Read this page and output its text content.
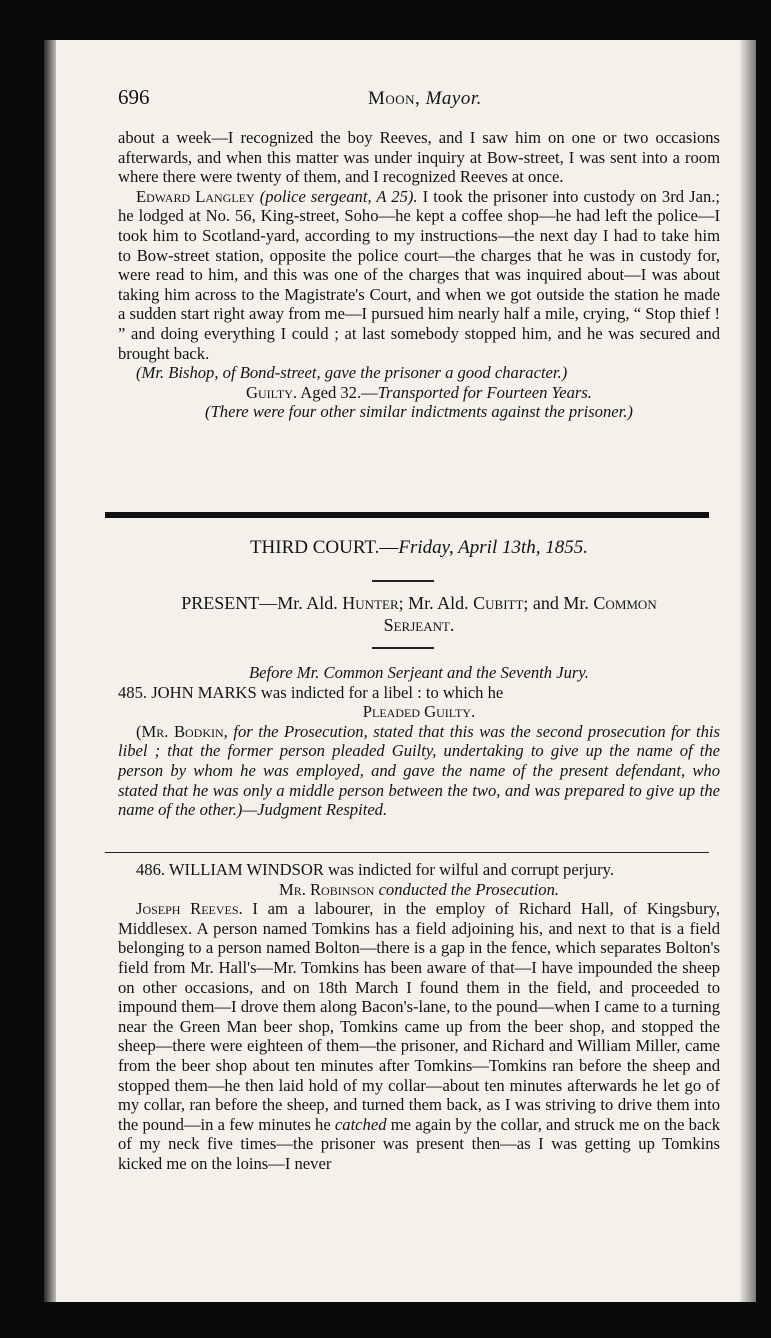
696	Moon, Mayor.

about a week—I recognized the boy Reeves, and I saw him on one or two occasions afterwards, and when this matter was under inquiry at Bow-street, I was sent into a room where there were twenty of them, and I recognized Reeves at once.

Edward Langley (police sergeant, A 25). I took the prisoner into custody on 3rd Jan.; he lodged at No. 56, King-street, Soho—he kept a coffee shop—he had left the police—I took him to Scotland-yard, according to my instructions—the next day I had to take him to Bow-street station, opposite the police court—the charges that he was in custody for, were read to him, and this was one of the charges that was inquired about—I was about taking him across to the Magistrate's Court, and when we got outside the station he made a sudden start right away from me—I pursued him nearly half a mile, crying, “ Stop thief ! ” and doing everything I could ; at last somebody stopped him, and he was secured and brought back.

(Mr. Bishop, of Bond-street, gave the prisoner a good character.)

Guilty. Aged 32.—Transported for Fourteen Years.

(There were four other similar indictments against the prisoner.)

THIRD COURT.—Friday, April 13th, 1855.

PRESENT—Mr. Ald. Hunter; Mr. Ald. Cubitt; and Mr. Common
Serjeant.

Before Mr. Common Serjeant and the Seventh Jury.

485. JOHN MARKS was indicted for a libel : to which he

Pleaded Guilty.

(Mr. Bodkin, for the Prosecution, stated that this was the second prosecution for this libel ; that the former person pleaded Guilty, undertaking to give up the name of the person by whom he was employed, and gave the name of the present defendant, who stated that he was only a middle person between the two, and was prepared to give up the name of the other.)—Judgment Respited.

486. WILLIAM WINDSOR was indicted for wilful and corrupt perjury.

Mr. Robinson conducted the Prosecution.

Joseph Reeves. I am a labourer, in the employ of Richard Hall, of Kingsbury, Middlesex. A person named Tomkins has a field adjoining his, and next to that is a field belonging to a person named Bolton—there is a gap in the fence, which separates Bolton's field from Mr. Hall's—Mr. Tomkins has been aware of that—I have impounded the sheep on other occasions, and on 18th March I found them in the field, and proceeded to impound them—I drove them along Bacon's-lane, to the pound—when I came to a turning near the Green Man beer shop, Tomkins came up from the beer shop, and stopped the sheep—there were eighteen of them—the prisoner, and Richard and William Miller, came from the beer shop about ten minutes after Tomkins—Tomkins ran before the sheep and stopped them—he then laid hold of my collar—about ten minutes afterwards he let go of my collar, ran before the sheep, and turned them back, as I was striving to drive them into the pound—in a few minutes he catched me again by the collar, and struck me on the back of my neck five times—the prisoner was present then—as I was getting up Tomkins kicked me on the loins—I never
